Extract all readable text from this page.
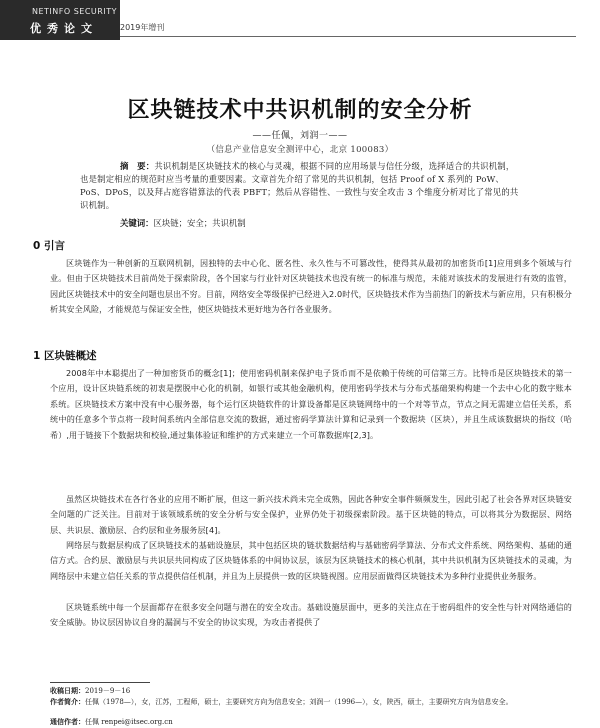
NETINFO SECURITY
优秀论文	2019年增刊
区块链技术中共识机制的安全分析
——任佩，刘润一——
（信息产业信息安全测评中心，北京 100083）
摘　要：共识机制是区块链技术的核心与灵魂，根据不同的应用场景与信任分级，选择适合的共识机制，也是制定相应的规范时应当考量的重要因素。文章首先介绍了常见的共识机制，包括 Proof of X 系列的 PoW、PoS、DPoS，以及拜占庭容错算法的代表 PBFT；然后从容错性、一致性与安全攻击 3 个维度分析对比了常见的共识机制。
关键词：区块链；安全；共识机制
0 引言

区块链作为一种创新的互联网机制，因独特的去中心化、匿名性、永久性与不可篡改性，使得其从最初的加密货币[1]应用到多个领域与行业。但由于区块链技术目前尚处于探索阶段，各个国家与行业针对区块链技术也没有统一的标准与规范，未能对该技术的发展进行有效的监管，因此区块链技术中的安全问题也层出不穷。目前，网络安全等级保护已经进入2.0时代，区块链技术作为当前热门的新技术与新应用，只有积极分析其安全风险，才能规范与保证安全性，使区块链技术更好地为各行各业服务。

1 区块链概述

2008年中本聪提出了一种加密货币的概念[1]；使用密码机制来保护电子货币而不是依赖于传统的可信第三方。比特币是区块链技术的第一个应用，设计区块链系统的初衷是摆脱中心化的机制，如银行或其他金融机构，使用密码学技术与分布式基础架构构建一个去中心化的数字账本系统。区块链技术方案中没有中心服务器，每个运行区块链软件的计算设备都是区块链网络中的一个对等节点，节点之间无需建立信任关系，系统中的任意多个节点将一段时间系统内全部信息交流的数据，通过密码学算法计算和记录到一个数据块（区块），并且生成该数据块的指纹（哈希）,用于链接下个数据块和校验,通过集体验证和维护的方式来建立一个可靠数据库[2,3]。

虽然区块链技术在各行各业的应用不断扩展，但这一新兴技术尚未完全成熟，因此各种安全事件频频发生，因此引起了社会各界对区块链安全问题的广泛关注。目前对于该领域系统的安全分析与安全保护，业界仍处于初级探索阶段。基于区块链的特点，可以将其分为数据层、网络层、共识层、激励层、合约层和业务服务层[4]。

网络层与数据层构成了区块链技术的基础设施层，其中包括区块的链状数据结构与基础密码学算法、分布式文件系统、网络架构、基础的通信方式。合约层、激励层与共识层共同构成了区块链体系的中间协议层，该层为区块链技术的核心机制，其中共识机制为区块链技术的灵魂，为网络层中未建立信任关系的节点提供信任机制，并且为上层提供一致的区块链视图。应用层面做得区块链技术为多种行业提供业务服务。

区块链系统中每一个层面都存在很多安全问题与潜在的安全攻击。基础设施层面中，更多的关注点在于密码组件的安全性与针对网络通信的安全威胁。协议层因协议自身的漏洞与不安全的协议实现，为攻击者提供了

收稿日期：2019－9－16
作者简介：任佩（1978—），女，江苏，工程师，硕士，主要研究方向为信息安全；刘润一（1996—），女，陕西，硕士，主要研究方向为信息安全。
通信作者：任佩 renpei@itsec.org.cn
